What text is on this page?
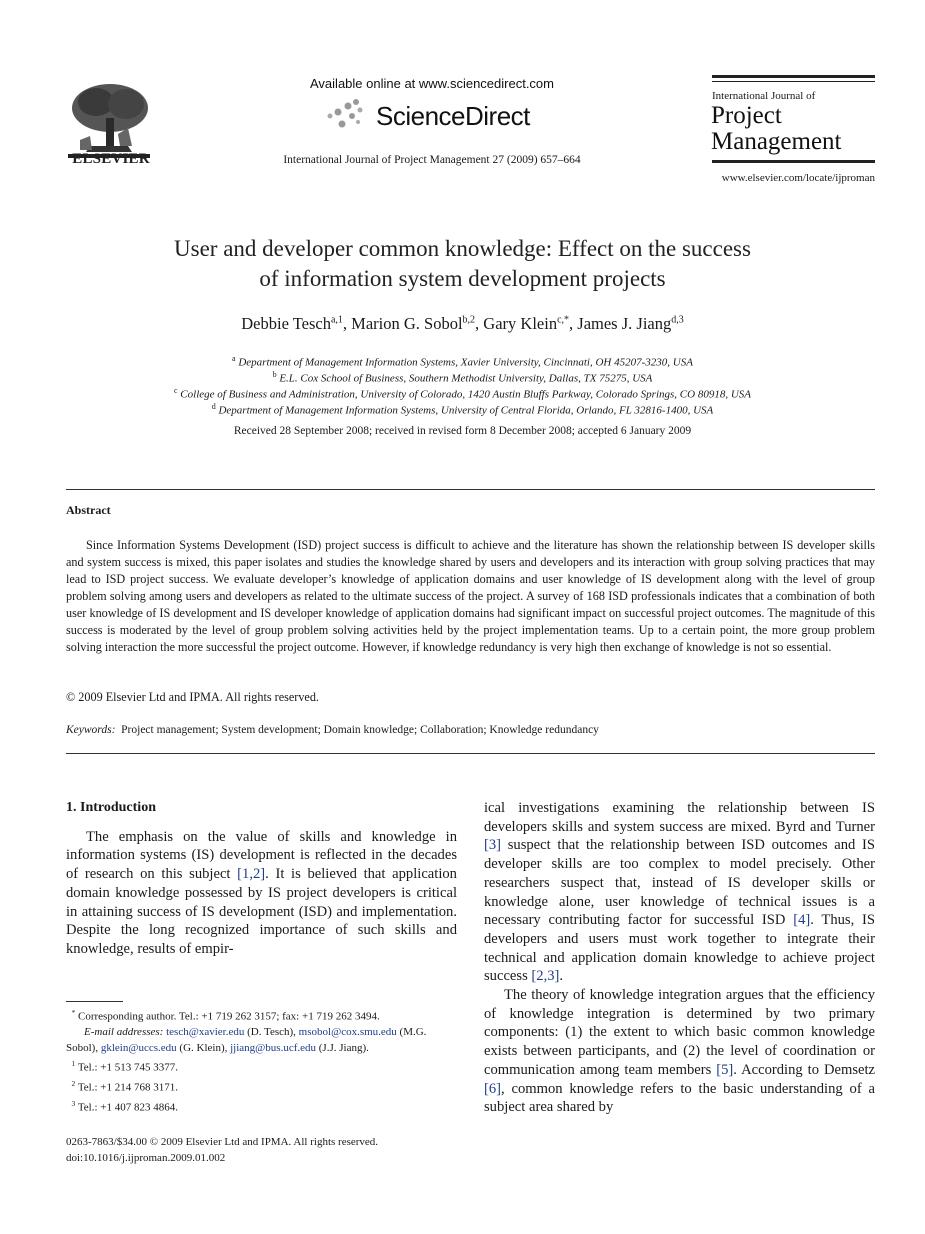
ELSEVIER
Available online at www.sciencedirect.com
ScienceDirect
International Journal of Project Management 27 (2009) 657–664
International Journal of
Project
Management
www.elsevier.com/locate/ijproman
User and developer common knowledge: Effect on the success
of information system development projects
Debbie Tesch$^{a,1}$, Marion G. Sobol$^{b,2}$, Gary Klein$^{c,*}$, James J. Jiang$^{d,3}$
$^a$ Department of Management Information Systems, Xavier University, Cincinnati, OH 45207-3230, USA
$^b$ E.L. Cox School of Business, Southern Methodist University, Dallas, TX 75275, USA
$^c$ College of Business and Administration, University of Colorado, 1420 Austin Bluffs Parkway, Colorado Springs, CO 80918, USA
$^d$ Department of Management Information Systems, University of Central Florida, Orlando, FL 32816-1400, USA
Received 28 September 2008; received in revised form 8 December 2008; accepted 6 January 2009
Abstract
Since Information Systems Development (ISD) project success is difficult to achieve and the literature has shown the relationship between IS developer skills and system success is mixed, this paper isolates and studies the knowledge shared by users and developers and its interaction with group solving practices that may lead to ISD project success. We evaluate developer’s knowledge of application domains and user knowledge of IS development along with the level of group problem solving among users and developers as related to the ultimate success of the project. A survey of 168 ISD professionals indicates that a combination of both user knowledge of IS development and IS developer knowledge of application domains had significant impact on successful project outcomes. The magnitude of this success is moderated by the level of group problem solving activities held by the project implementation teams. Up to a certain point, the more group problem solving interaction the more successful the project outcome. However, if knowledge redundancy is very high then exchange of knowledge is not so essential.
© 2009 Elsevier Ltd and IPMA. All rights reserved.
Keywords: Project management; System development; Domain knowledge; Collaboration; Knowledge redundancy

1. Introduction

The emphasis on the value of skills and knowledge in information systems (IS) development is reflected in the decades of research on this subject [1,2]. It is believed that application domain knowledge possessed by IS project developers is critical in attaining success of IS development (ISD) and implementation. Despite the long recognized importance of such skills and knowledge, results of empir-

* Corresponding author. Tel.: +1 719 262 3157; fax: +1 719 262 3494.

E-mail addresses: tesch@xavier.edu (D. Tesch), msobol@cox.smu.edu (M.G. Sobol), gklein@uccs.edu (G. Klein), jjiang@bus.ucf.edu (J.J. Jiang).

$^1$ Tel.: +1 513 745 3377.

$^2$ Tel.: +1 214 768 3171.

$^3$ Tel.: +1 407 823 4864.

0263-7863/$34.00 © 2009 Elsevier Ltd and IPMA. All rights reserved.
doi:10.1016/j.ijproman.2009.01.002

ical investigations examining the relationship between IS developers skills and system success are mixed. Byrd and Turner [3] suspect that the relationship between ISD outcomes and IS developer skills are too complex to model precisely. Other researchers suspect that, instead of IS developer skills or knowledge alone, user knowledge of technical issues is a necessary contributing factor for successful ISD [4]. Thus, IS developers and users must work together to integrate their technical and application domain knowledge to achieve project success [2,3].

The theory of knowledge integration argues that the efficiency of knowledge integration is determined by two primary components: (1) the extent to which basic common knowledge exists between participants, and (2) the level of coordination or communication among team members [5]. According to Demsetz [6], common knowledge refers to the basic understanding of a subject area shared by
